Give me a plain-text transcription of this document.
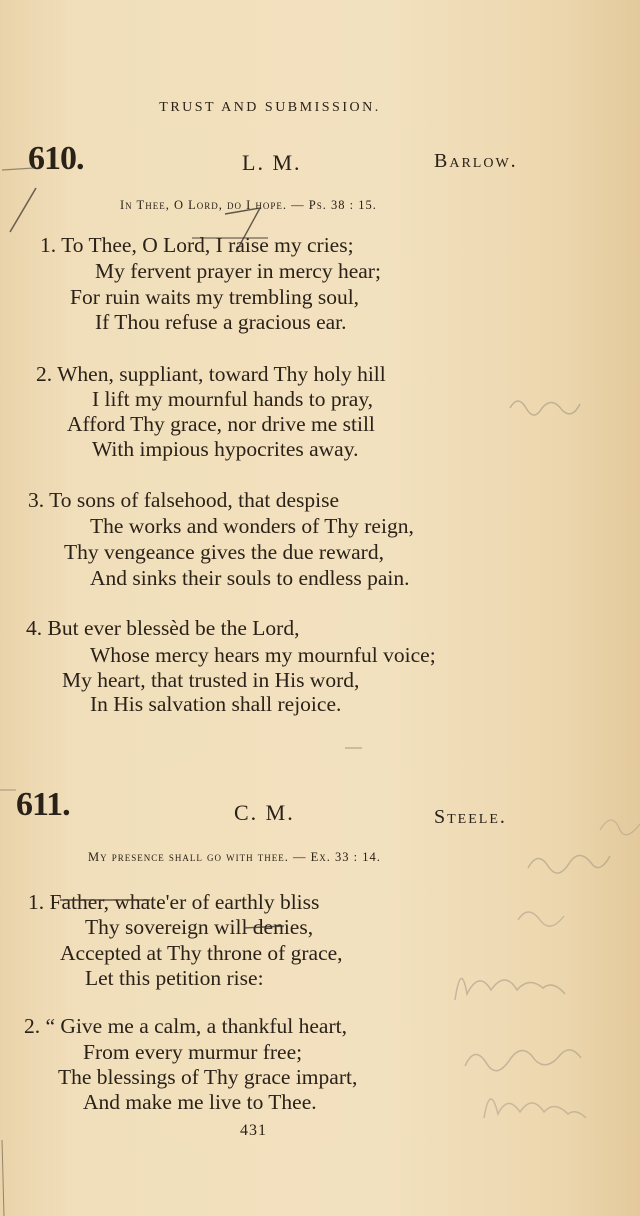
TRUST AND SUBMISSION.
610.	L. M.	Barlow.
In Thee, O Lord, do I hope. — Ps. 38 : 15.
1. To Thee, O Lord, I raise my cries;
My fervent prayer in mercy hear;
For ruin waits my trembling soul,
If Thou refuse a gracious ear.
2. When, suppliant, toward Thy holy hill
I lift my mournful hands to pray,
Afford Thy grace, nor drive me still
With impious hypocrites away.
3. To sons of falsehood, that despise
The works and wonders of Thy reign,
Thy vengeance gives the due reward,
And sinks their souls to endless pain.
4. But ever blessèd be the Lord,
Whose mercy hears my mournful voice;
My heart, that trusted in His word,
In His salvation shall rejoice.
611.	C. M.	Steele.
My presence shall go with thee. — Ex. 33 : 14.
1. Father, whate'er of earthly bliss
Thy sovereign will denies,
Accepted at Thy throne of grace,
Let this petition rise:
2. “ Give me a calm, a thankful heart,
From every murmur free;
The blessings of Thy grace impart,
And make me live to Thee.
431
